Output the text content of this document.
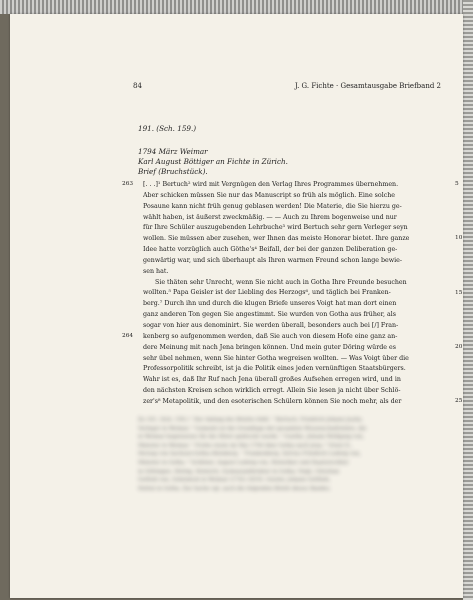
84	J. G. Fichte · Gesamtausgabe Briefband 2
191. (Sch. 159.)
1794 März Weimar
Karl August Böttiger an Fichte in Zürich.
Brief (Bruchstück).
[. . .]¹ Bertuch² wird mit Vergnügen den Verlag Ihres Programmes übernehmen.
Aber schicken müssen Sie nur das Manuscript so früh als möglich. Eine solche
Posaune kann nicht früh genug geblasen werden! Die Materie, die Sie hierzu ge-
wählt haben, ist äußerst zweckmäßig. — — Auch zu Ihrem bogenweise und nur
für Ihre Schüler auszugebenden Lehrbuche³ wird Bertuch sehr gern Verleger seyn
wollen. Sie müssen aber zusehen, wer Ihnen das meiste Honorar bietet. Ihre ganze
Idee hatte vorzüglich auch Göthe's⁴ Beifall, der bei der ganzen Deliberation ge-
genwärtig war, und sich überhaupt als Ihren warmen Freund schon lange bewie-
sen hat.
Sie thäten sehr Unrecht, wenn Sie nicht auch in Gotha Ihre Freunde besuchen
wollten.⁵ Papa Geisler ist der Liebling des Herzogs⁶, und täglich bei Franken-
berg.⁷ Durch ihn und durch die klugen Briefe unseres Voigt hat man dort einen
ganz anderen Ton gegen Sie angestimmt. Sie wurden von Gotha aus früher, als
sogar von hier aus denominirt. Sie werden überall, besonders auch bei [/] Fran-
kenberg so aufgenommen werden, daß Sie auch von diesem Hofe eine ganz an-
dere Meinung mit nach Jena bringen können. Und mein guter Döring würde es
sehr übel nehmen, wenn Sie hinter Gotha wegreisen wollten. — Was Voigt über die
Professorpolitik schreibt, ist ja die Politik eines jeden vernünftigen Staatsbürgers.
Wahr ist es, daß Ihr Ruf nach Jena überall großes Aufsehen erregen wird, und in
den nächsten Kreisen schon wirklich erregt. Allein Sie lesen ja nicht über Schlö-
zer's⁸ Metapolitik, und den esoterischen Schülern können Sie noch mehr, als der
5
10
15
20
25
263
264
Zu 191. (Sch. 159.) ¹ Der Anfang des Briefes fehlt. ² Bertuch, Friedrich Johann Justin,
Verleger in Weimar. ³ Gemeint ist die Grundlage der gesamten Wissenschaftslehre, die
in Weimar bogenweise für die Hörer gedruckt wurde. ⁴ Goethe, Johann Wolfgang von,
Minister in Weimar. ⁵ Fichte reiste im Mai 1794 über Gotha nach Jena. ⁶ Ernst II.,
Herzog von Sachsen-Gotha-Altenburg. ⁷ Frankenberg, Sylvius Friedrich Ludwig von,
Minister in Gotha. ⁸ Schlözer, August Ludwig von, Historiker und Staatsrechtler
in Göttingen. Döring, Heinrich, Gymnasialdirektor in Gotha; Voigt, Christian
Gottlob von, Geheimrat in Weimar (1743–1819). Geisler, Johann Gottlieb,
Hofrat in Gotha. Zur Sache vgl. auch die folgenden Briefe dieses Bandes.
